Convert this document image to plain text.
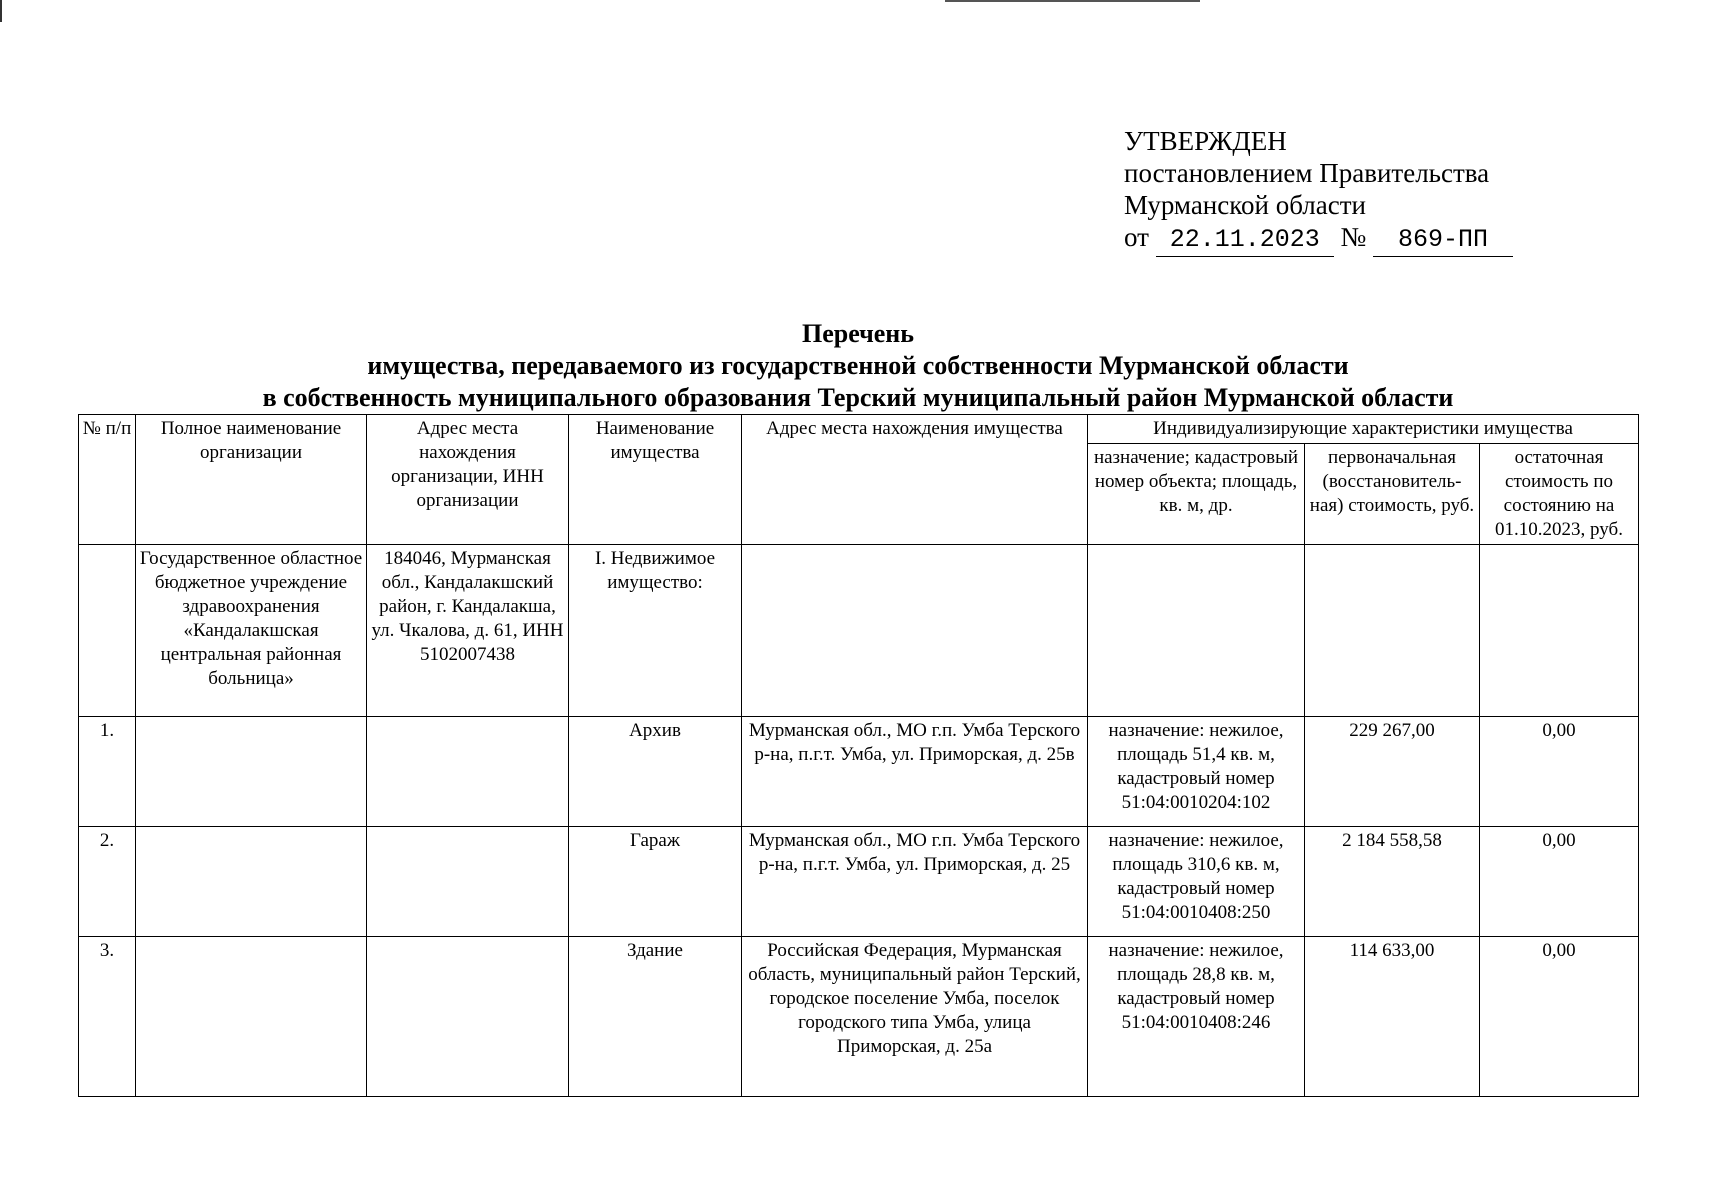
УТВЕРЖДЕН
постановлением Правительства
Мурманской области
от 22.11.2023 № 869-ПП
Перечень
имущества, передаваемого из государственной собственности Мурманской области
в собственность муниципального образования Терский муниципальный район Мурманской области
№ п/п	Полное наименование организации	Адрес места нахождения организации, ИНН организации	Наименование имущества	Адрес места нахождения имущества	Индивидуализирующие характеристики имущества		
					назначение; кадастровый номер объекта; площадь, кв. м, др.	первоначальная (восстановитель-ная) стоимость, руб.	остаточная стоимость по состоянию на 01.10.2023, руб.
	Государственное областное бюджетное учреждение здравоохранения «Кандалакшская центральная районная больница»	184046, Мурманская обл., Кандалакшский район, г. Кандалакша, ул. Чкалова, д. 61, ИНН 5102007438	I. Недвижимое имущество:				
1.			Архив	Мурманская обл., МО г.п. Умба Терского р-на, п.г.т. Умба, ул. Приморская, д. 25в	назначение: нежилое, площадь 51,4 кв. м, кадастровый номер 51:04:0010204:102	229 267,00	0,00
2.			Гараж	Мурманская обл., МО г.п. Умба Терского р-на, п.г.т. Умба, ул. Приморская, д. 25	назначение: нежилое, площадь 310,6 кв. м, кадастровый номер 51:04:0010408:250	2 184 558,58	0,00
3.			Здание	Российская Федерация, Мурманская область, муниципальный район Терский, городское поселение Умба, поселок городского типа Умба, улица Приморская, д. 25а	назначение: нежилое, площадь 28,8 кв. м, кадастровый номер 51:04:0010408:246	114 633,00	0,00
